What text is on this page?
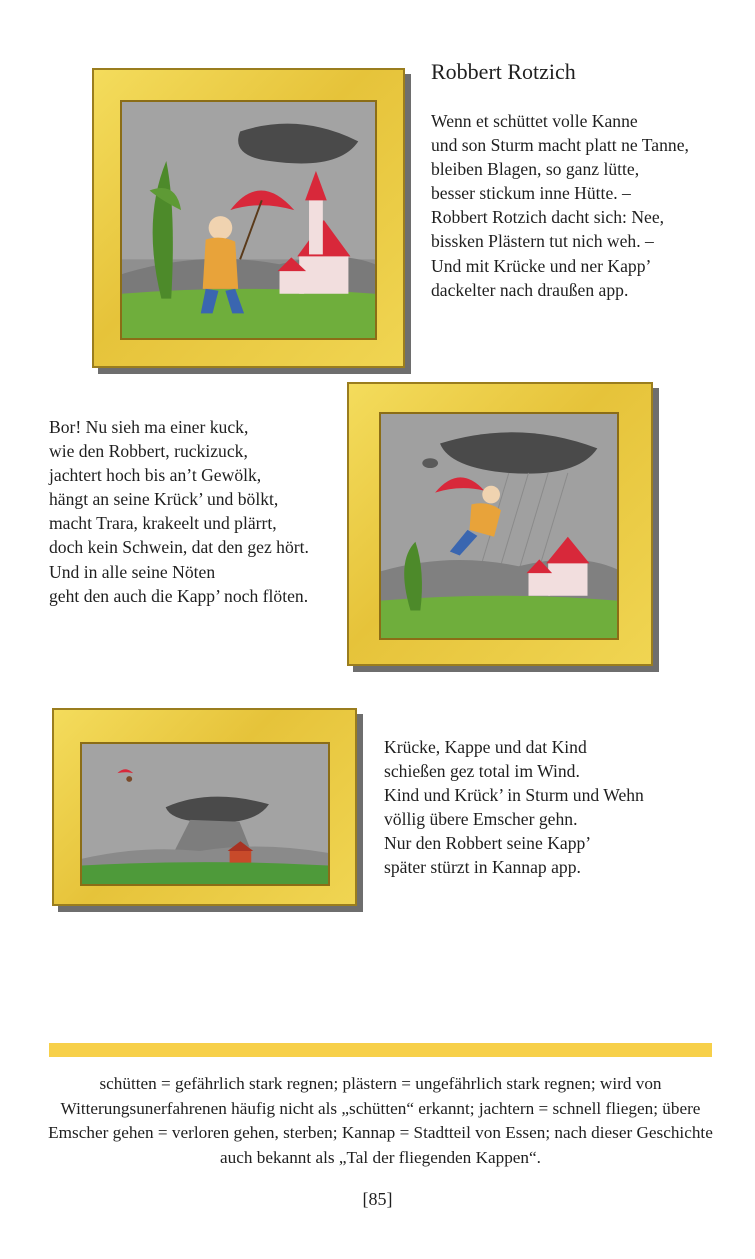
Robbert Rotzich
Wenn et schüttet volle Kanne
und son Sturm macht platt ne Tanne,
bleiben Blagen, so ganz lütte,
besser stickum inne Hütte. –
Robbert Rotzich dacht sich: Nee,
bissken Plästern tut nich weh. –
Und mit Krücke und ner Kapp’
dackelter nach draußen app.
Bor! Nu sieh ma einer kuck,
wie den Robbert, ruckizuck,
jachtert hoch bis an’t Gewölk,
hängt an seine Krück’ und bölkt,
macht Trara, krakeelt und plärrt,
doch kein Schwein, dat den gez hört.
Und in alle seine Nöten
geht den auch die Kapp’ noch flöten.
Krücke, Kappe und dat Kind
schießen gez total im Wind.
Kind und Krück’ in Sturm und Wehn
völlig übere Emscher gehn.
Nur den Robbert seine Kapp’
später stürzt in Kannap app.
schütten = gefährlich stark regnen; plästern = ungefährlich stark regnen; wird von Witterungsunerfahrenen häufig nicht als „schütten“ erkannt; jachtern = schnell fliegen; übere Emscher gehen = verloren gehen, sterben; Kannap = Stadtteil von Essen; nach dieser Geschichte auch bekannt als „Tal der fliegenden Kappen“.
[85]
